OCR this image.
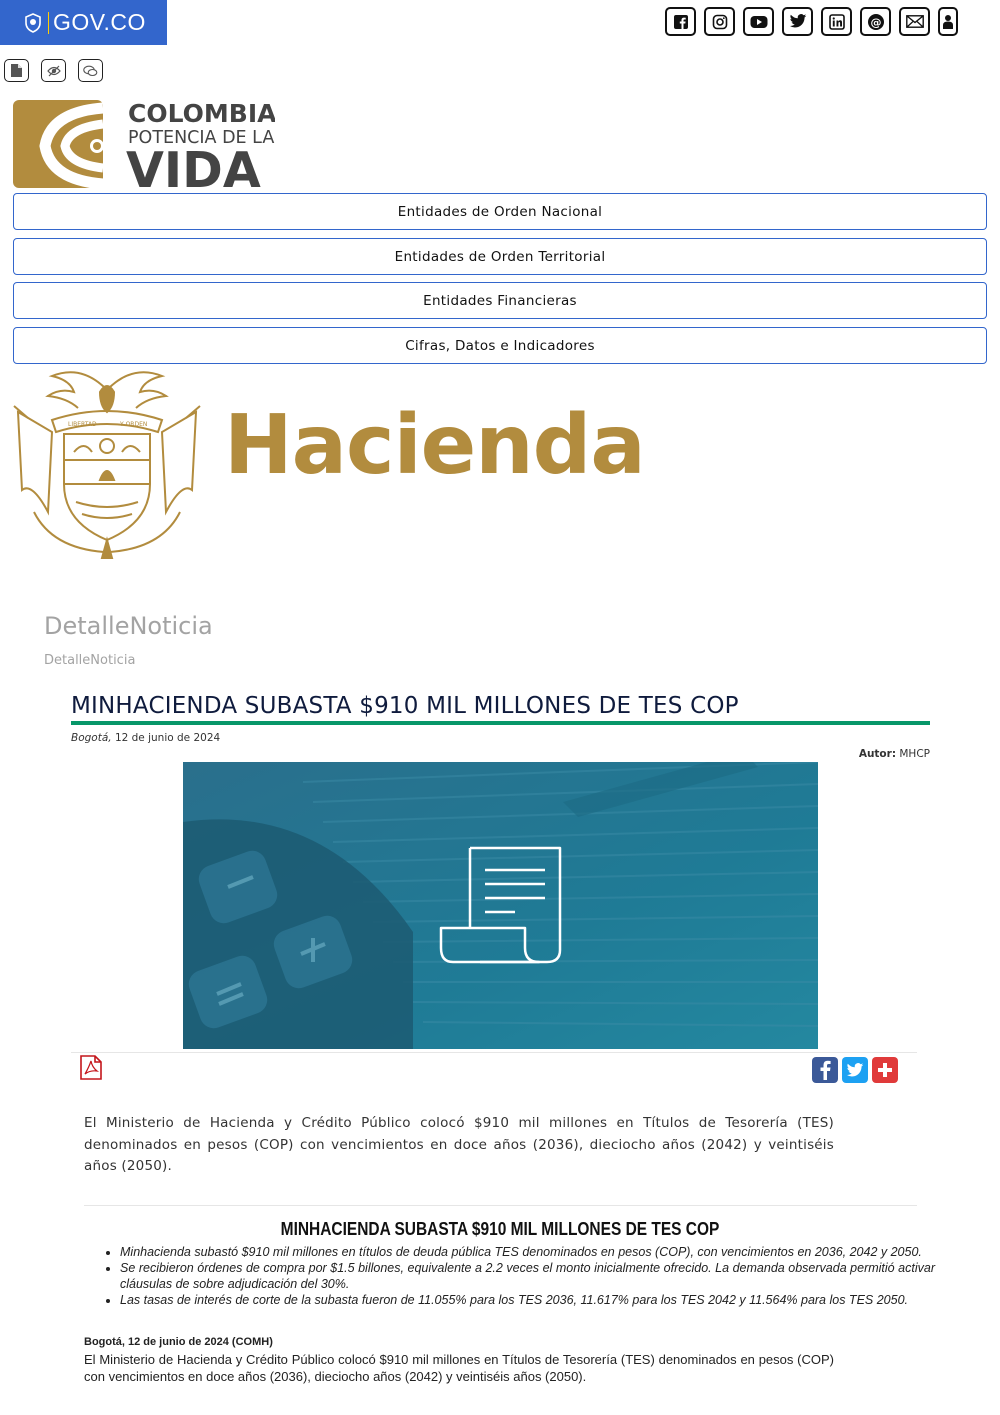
GOV.CO	@
COLOMBIA
POTENCIA DE LA
VIDA
Entidades de Orden Nacional
Entidades de Orden Territorial
Entidades Financieras
Cifras, Datos e Indicadores
LIBERTAD	Y ORDEN Hacienda
DetalleNoticia
DetalleNoticia
MINHACIENDA SUBASTA $910 MIL MILLONES DE TES COP
Bogotá, 12 de junio de 2024
Autor: MHCP
El Ministerio de Hacienda y Crédito Público colocó $910 mil millones en Títulos de Tesorería (TES) denominados en pesos (COP) con vencimientos en doce años (2036), dieciocho años (2042) y veintiséis años (2050).
MINHACIENDA SUBASTA $910 MIL MILLONES DE TES COP
• Minhacienda subastó $910 mil millones en títulos de deuda pública TES denominados en pesos (COP), con vencimientos en 2036, 2042 y 2050.
• Se recibieron órdenes de compra por $1.5 billones, equivalente a 2.2 veces el monto inicialmente ofrecido. La demanda observada permitió activar cláusulas de sobre adjudicación del 30%.
• Las tasas de interés de corte de la subasta fueron de 11.055% para los TES 2036, 11.617% para los TES 2042 y 11.564% para los TES 2050.
Bogotá, 12 de junio de 2024 (COMH)
El Ministerio de Hacienda y Crédito Público colocó $910 mil millones en Títulos de Tesorería (TES) denominados en pesos (COP) con vencimientos en doce años (2036), dieciocho años (2042) y veintiséis años (2050).
